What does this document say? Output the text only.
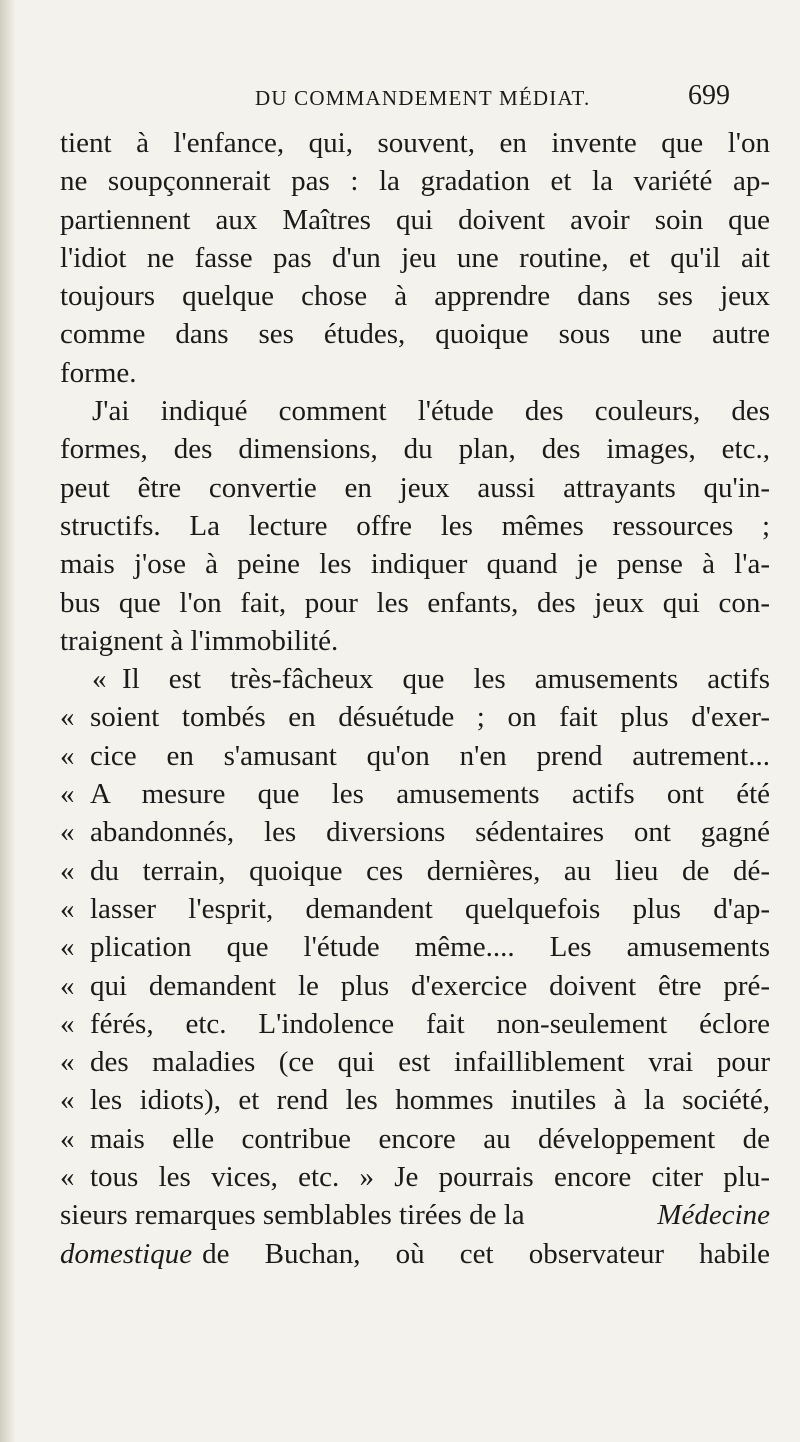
DU COMMANDEMENT MÉDIAT.	699
tient à l'enfance, qui, souvent, en invente que l'on
ne soupçonnerait pas : la gradation et la variété ap-
partiennent aux Maîtres qui doivent avoir soin que
l'idiot ne fasse pas d'un jeu une routine, et qu'il ait
toujours quelque chose à apprendre dans ses jeux
comme dans ses études, quoique sous une autre
forme.
J'ai indiqué comment l'étude des couleurs, des
formes, des dimensions, du plan, des images, etc.,
peut être convertie en jeux aussi attrayants qu'in-
structifs. La lecture offre les mêmes ressources ;
mais j'ose à peine les indiquer quand je pense à l'a-
bus que l'on fait, pour les enfants, des jeux qui con-
traignent à l'immobilité.
« Il est très-fâcheux que les amusements actifs
« soient tombés en désuétude ; on fait plus d'exer-
« cice en s'amusant qu'on n'en prend autrement...
« A mesure que les amusements actifs ont été
« abandonnés, les diversions sédentaires ont gagné
« du terrain, quoique ces dernières, au lieu de dé-
« lasser l'esprit, demandent quelquefois plus d'ap-
« plication que l'étude même.... Les amusements
« qui demandent le plus d'exercice doivent être pré-
« férés, etc. L'indolence fait non-seulement éclore
« des maladies (ce qui est infailliblement vrai pour
« les idiots), et rend les hommes inutiles à la société,
« mais elle contribue encore au développement de
« tous les vices, etc. » Je pourrais encore citer plu-
sieurs remarques semblables tirées de la	Médecine
domestique de Buchan, où cet observateur habile
